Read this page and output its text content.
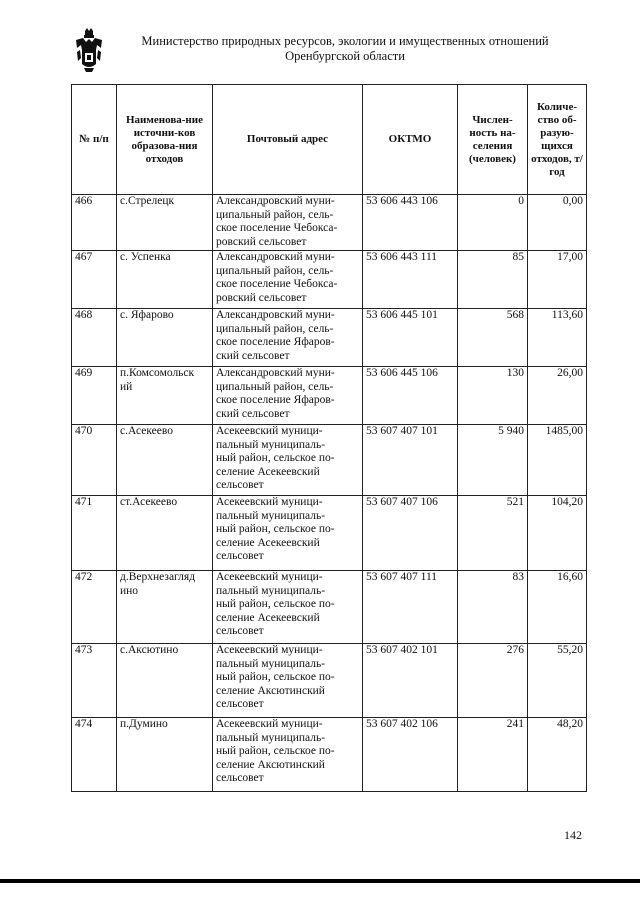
Министерство природных ресурсов, экологии и имущественных отношений
Оренбургской области
№ п/п	Наименова-ние источни-ков образова-ния отходов	Почтовый адрес	ОКТМО	Числен-ность на-селения (человек)	Количе-ство об-разую-щихся отходов, т/год
466	с.Стрелецк	Александровский муни-
ципальный район, сель-
ское поселение Чебокса-
ровский сельсовет	53 606 443 106	0	0,00
467	с. Успенка	Александровский муни-
ципальный район, сель-
ское поселение Чебокса-
ровский сельсовет	53 606 443 111	85	17,00
468	с. Яфарово	Александровский муни-
ципальный район, сель-
ское поселение Яфаров-
ский сельсовет	53 606 445 101	568	113,60
469	п.Комсомольск ий	Александровский муни-
ципальный район, сель-
ское поселение Яфаров-
ский сельсовет	53 606 445 106	130	26,00
470	с.Асекеево	Асекеевский муници-
пальный муниципаль-
ный район, сельское по-
селение Асекеевский
сельсовет	53 607 407 101	5 940	1485,00
471	ст.Асекеево	Асекеевский муници-
пальный муниципаль-
ный район, сельское по-
селение Асекеевский
сельсовет	53 607 407 106	521	104,20
472	д.Верхнезагляд ино	Асекеевский муници-
пальный муниципаль-
ный район, сельское по-
селение Асекеевский
сельсовет	53 607 407 111	83	16,60
473	с.Аксютино	Асекеевский муници-
пальный муниципаль-
ный район, сельское по-
селение Аксютинский
сельсовет	53 607 402 101	276	55,20
474	п.Думино	Асекеевский муници-
пальный муниципаль-
ный район, сельское по-
селение Аксютинский
сельсовет	53 607 402 106	241	48,20
142
